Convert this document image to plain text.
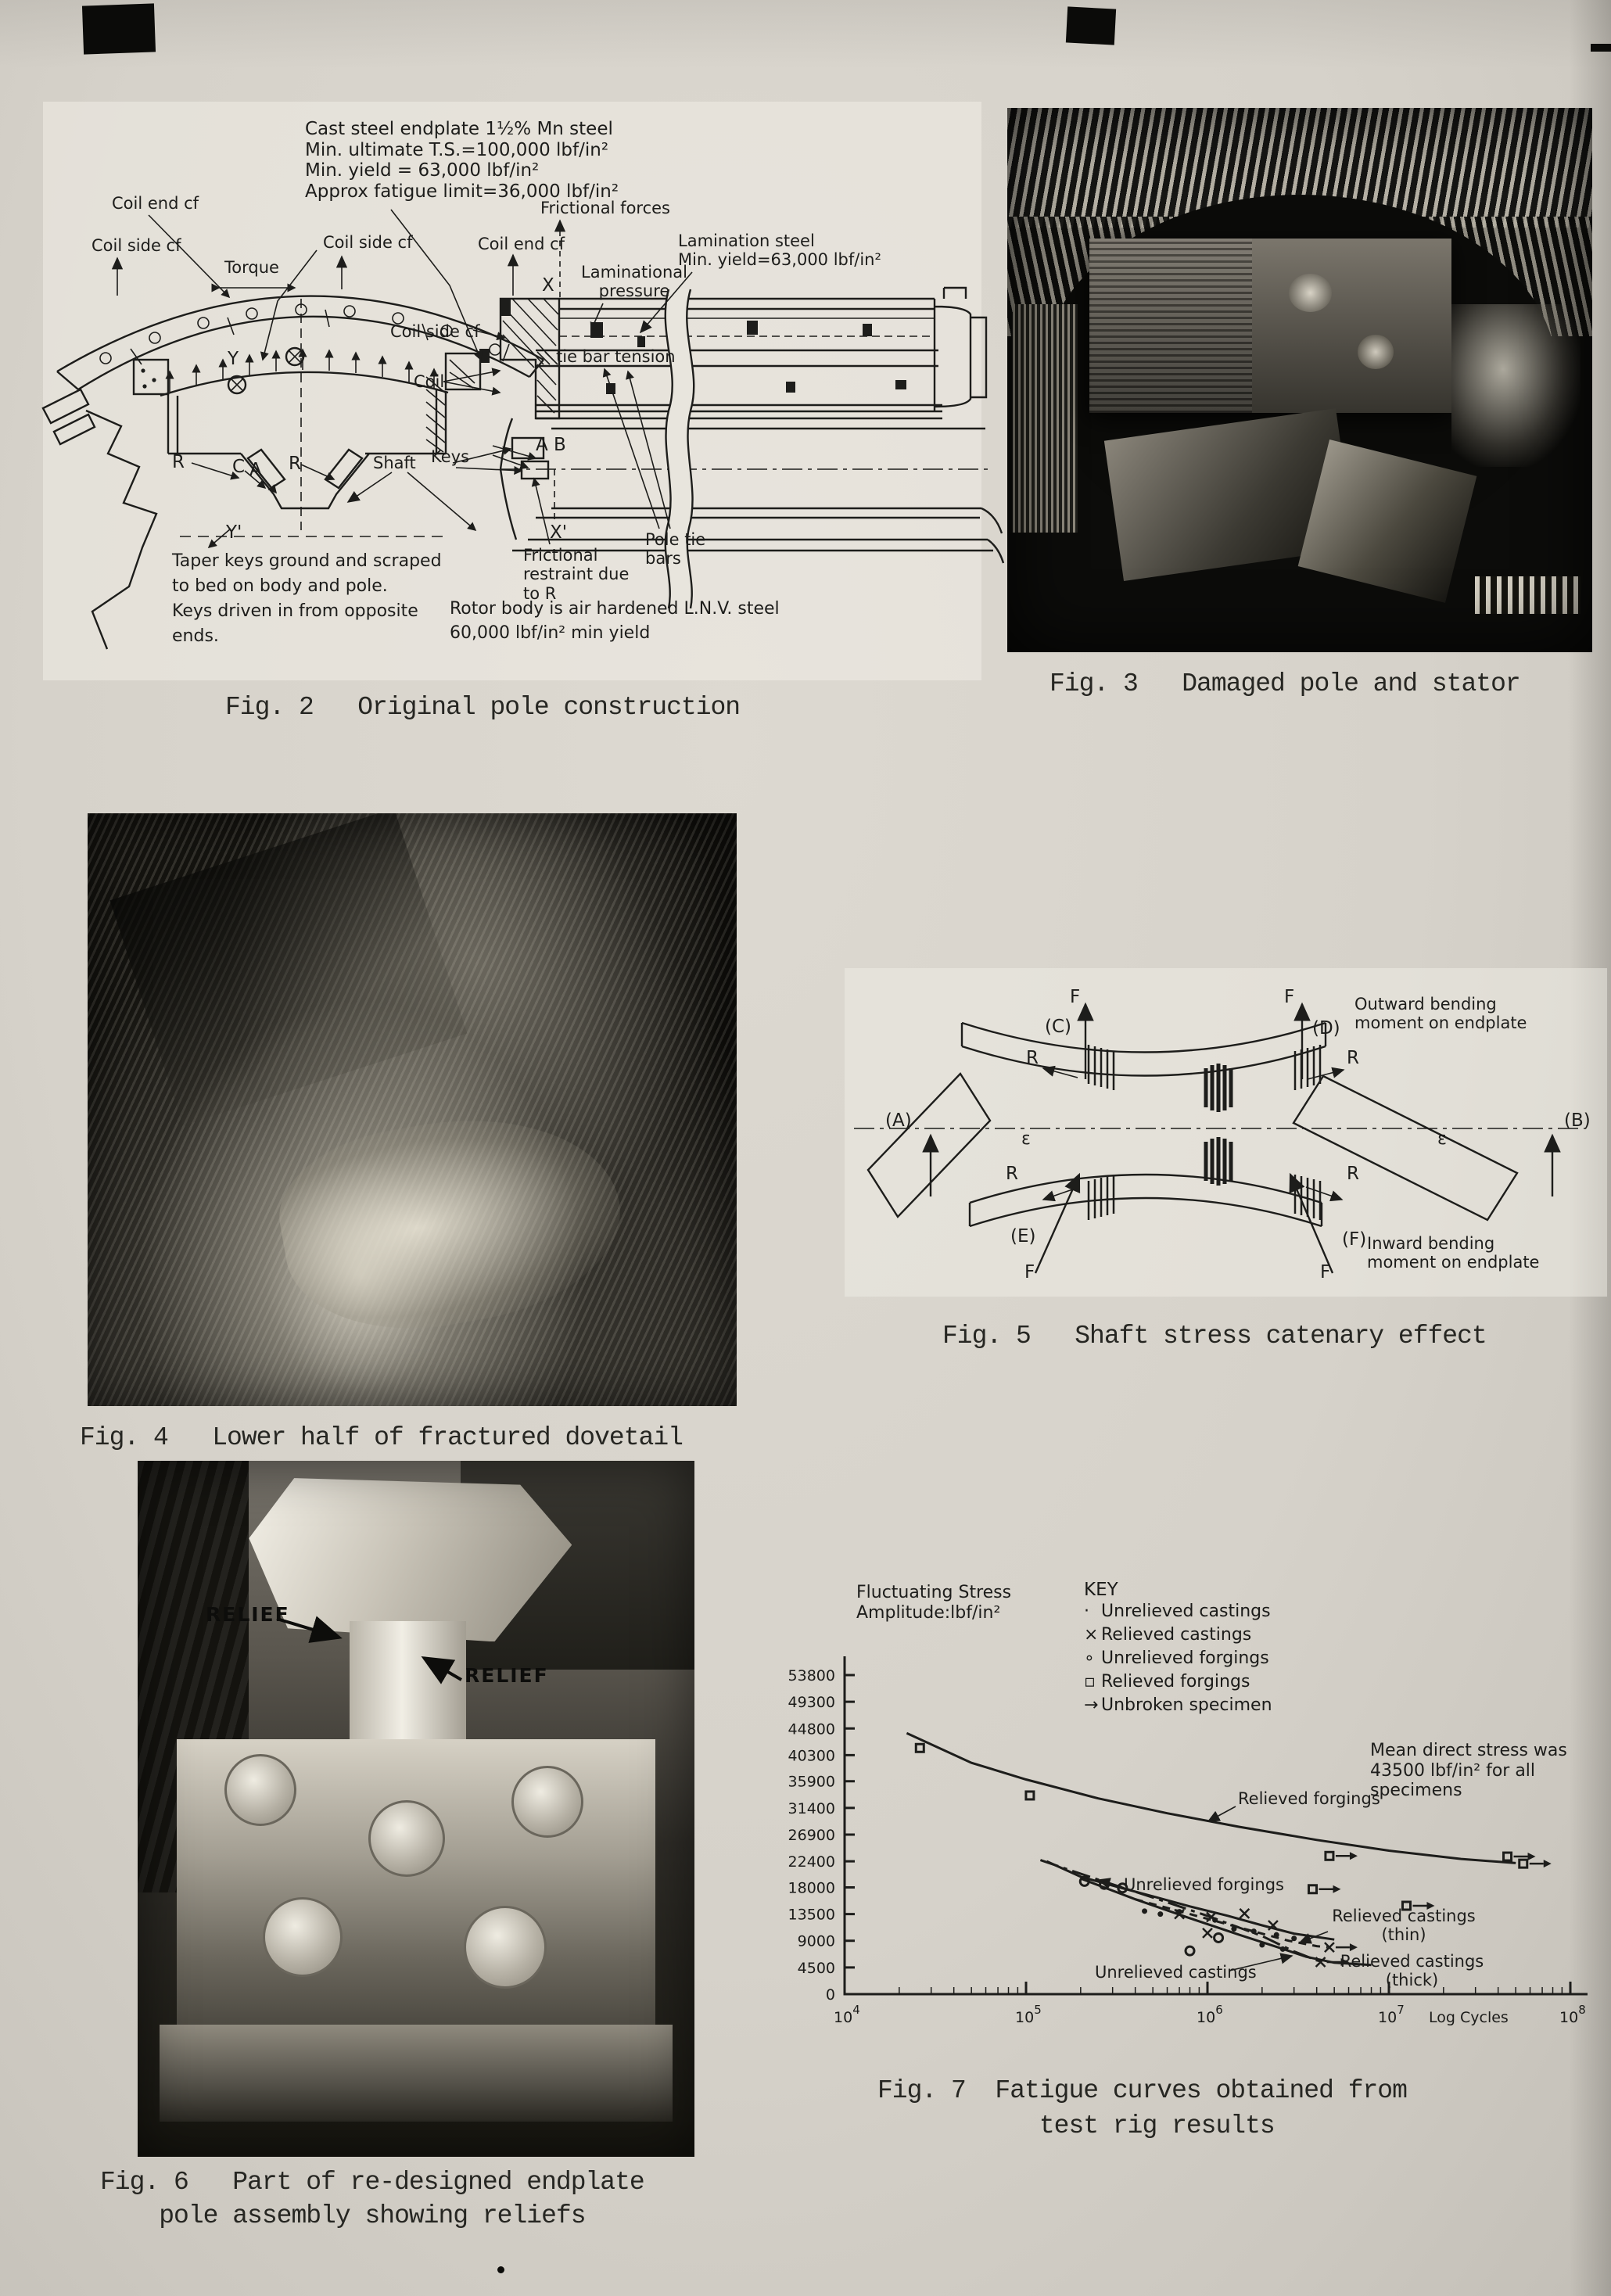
Cast steel endplate 1½% Mn steel
Min. ultimate T.S.=100,000 lbf/in²
Min. yield = 63,000 lbf/in²
Approx fatigue limit=36,000 lbf/in²
Coil end cf
Coil side cf
Torque
Coil side cf	Coil end cf
X
Frictional forces
Laminational
pressure
Lamination steel
Min. yield=63,000 lbf/in²
Coil side cf
tie bar tension
Coil
Y
Y'
R	C A R
Taper keys ground and scraped
to bed on body and pole.
Keys driven in from opposite
ends.
A B
X'
Frictional
restraint due
to R
Pole tie
bars
Rotor body is air hardened L.N.V. steel
60,000 lbf/in² min yield
Shaft Keys
Fig. 2   Original pole construction
Fig. 3   Damaged pole and stator
Fig. 4   Lower half of fractured dovetail
F	F
(C)	(D)
R	R
Outward bending
moment on endplate
(A)	(B)
ε	ε
R	R
(E)	(F)
F	F
Inward bending
moment on endplate
Fig. 5   Shaft stress catenary effect
RELIEF
RELIEF
Fig. 6   Part of re-designed endplate
pole assembly showing reliefs
Fluctuating Stress
Amplitude:lbf/in²
KEY
· Unrelieved castings
× Relieved castings
∘ Unrelieved forgings
▫ Relieved forgings
→ Unbroken specimen
Mean direct stress was
43500 lbf/in² for all specimens
0
4500
9000
13500
18000
22400
26900
31400
35900
40300
44800
49300
53800
$10^4$	$10^5$	$10^6$	$10^7$	$10^8$
Log Cycles
Relieved forgings
Unrelieved forgings
Relieved castings
(thin)
Relieved castings
(thick)
Unrelieved castings
Fig. 7  Fatigue curves obtained from
test rig results
